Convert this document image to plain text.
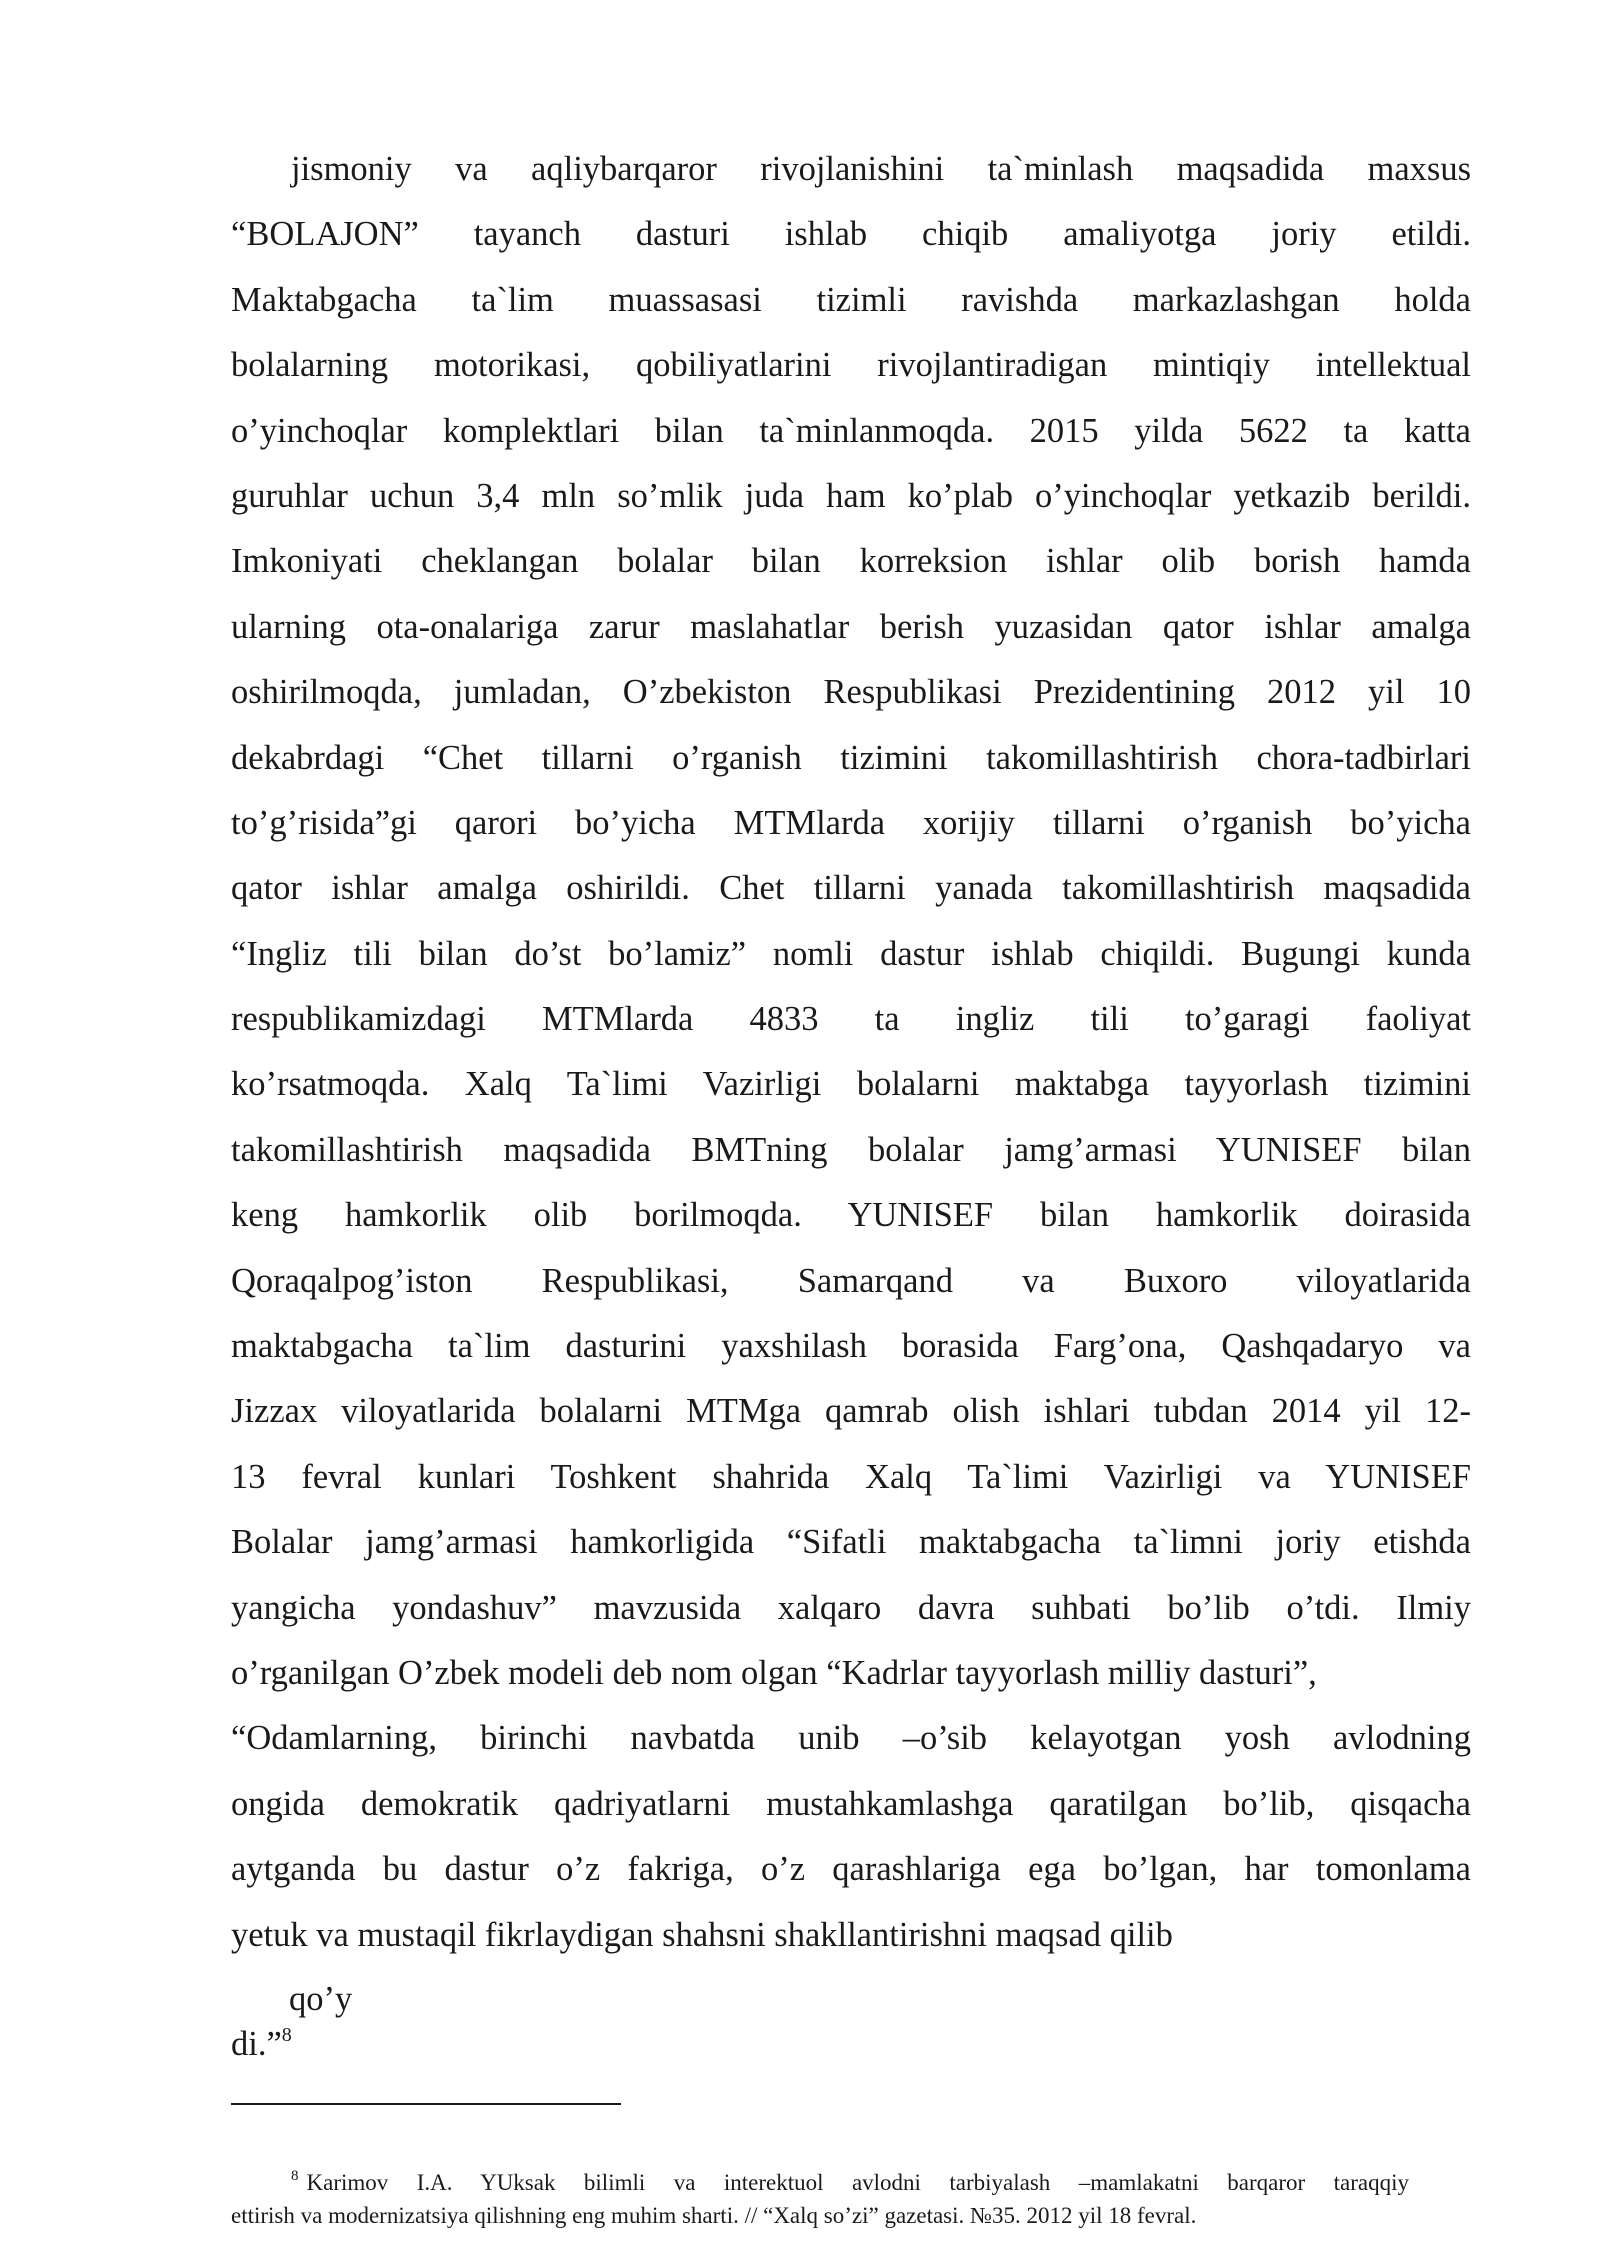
jismoniy va aqliybarqaror rivojlanishini ta`minlash maqsadida maxsus
“BOLAJON” tayanch dasturi ishlab chiqib amaliyotga joriy etildi.
Maktabgacha ta`lim muassasasi tizimli ravishda markazlashgan holda
bolalarning motorikasi, qobiliyatlarini rivojlantiradigan mintiqiy intellektual
o’yinchoqlar komplektlari bilan ta`minlanmoqda. 2015 yilda 5622 ta katta
guruhlar uchun 3,4 mln so’mlik juda ham ko’plab o’yinchoqlar yetkazib berildi.
Imkoniyati cheklangan bolalar bilan korreksion ishlar olib borish hamda
ularning ota-onalariga zarur maslahatlar berish yuzasidan qator ishlar amalga
oshirilmoqda, jumladan, O’zbekiston Respublikasi Prezidentining 2012 yil 10
dekabrdagi “Chet tillarni o’rganish tizimini takomillashtirish chora-tadbirlari
to’g’risida”gi qarori bo’yicha MTMlarda xorijiy tillarni o’rganish bo’yicha
qator ishlar amalga oshirildi. Chet tillarni yanada takomillashtirish maqsadida
“Ingliz tili bilan do’st bo’lamiz” nomli dastur ishlab chiqildi. Bugungi kunda
respublikamizdagi MTMlarda 4833 ta ingliz tili to’garagi faoliyat
ko’rsatmoqda. Xalq Ta`limi Vazirligi bolalarni maktabga tayyorlash tizimini
takomillashtirish maqsadida BMTning bolalar jamg’armasi YUNISEF bilan
keng hamkorlik olib borilmoqda. YUNISEF bilan hamkorlik doirasida
Qoraqalpog’iston Respublikasi, Samarqand va Buxoro viloyatlarida
maktabgacha ta`lim dasturini yaxshilash borasida Farg’ona, Qashqadaryo va
Jizzax viloyatlarida bolalarni MTMga qamrab olish ishlari tubdan 2014 yil 12-
13 fevral kunlari Toshkent shahrida Xalq Ta`limi Vazirligi va YUNISEF
Bolalar jamg’armasi hamkorligida “Sifatli maktabgacha ta`limni joriy etishda
yangicha yondashuv” mavzusida xalqaro davra suhbati bo’lib o’tdi. Ilmiy
o’rganilgan O’zbek modeli deb nom olgan “Kadrlar tayyorlash milliy dasturi”,
“Odamlarning, birinchi navbatda unib –o’sib kelayotgan yosh avlodning
ongida demokratik qadriyatlarni mustahkamlashga qaratilgan bo’lib, qisqacha
aytganda bu dastur o’z fakriga, o’z qarashlariga ega bo’lgan, har tomonlama
yetuk va mustaqil fikrlaydigan shahsni shakllantirishni maqsad qilib
qo’y
di.”$^8$
$^8$ Karimov I.A. YUksak bilimli va interektuol avlodni tarbiyalash –mamlakatni barqaror taraqqiy
ettirish va modernizatsiya qilishning eng muhim sharti. // “Xalq so’zi” gazetasi. №35. 2012 yil 18 fevral.
